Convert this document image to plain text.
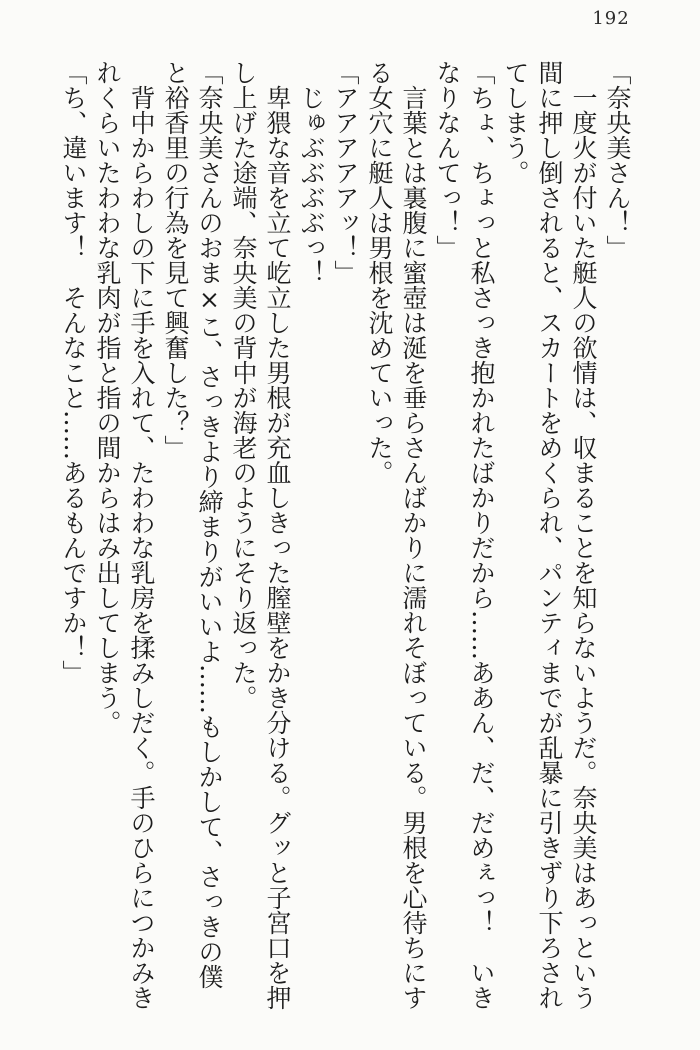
192

「奈央美さん！」

一度火が付いた艇人の欲情は、収まることを知らないようだ。奈央美はあっという間に押し倒されると、スカートをめくられ、パンティまでが乱暴に引きずり下ろされてしまう。

「ちょ、ちょっと私さっき抱かれたばかりだから……ああん、だ、だめぇっ！　いきなりなんてっ！」

言葉とは裏腹に蜜壺は涎を垂らさんばかりに濡れそぼっている。男根を心待ちにする女穴に艇人は男根を沈めていった。

「アアアアアッ！」

じゅぶぶぶぶっ！

卑猥な音を立て屹立した男根が充血しきった膣壁をかき分ける。グッと子宮口を押し上げた途端、奈央美の背中が海老のようにそり返った。

「奈央美さんのおま×こ、さっきより締まりがいいよ……もしかして、さっきの僕と裕香里の行為を見て興奮した？」

背中からわしの下に手を入れて、たわわな乳房を揉みしだく。手のひらにつかみきれくらいたわわな乳肉が指と指の間からはみ出してしまう。

「ち、違います！　そんなこと……あるもんですか！」
